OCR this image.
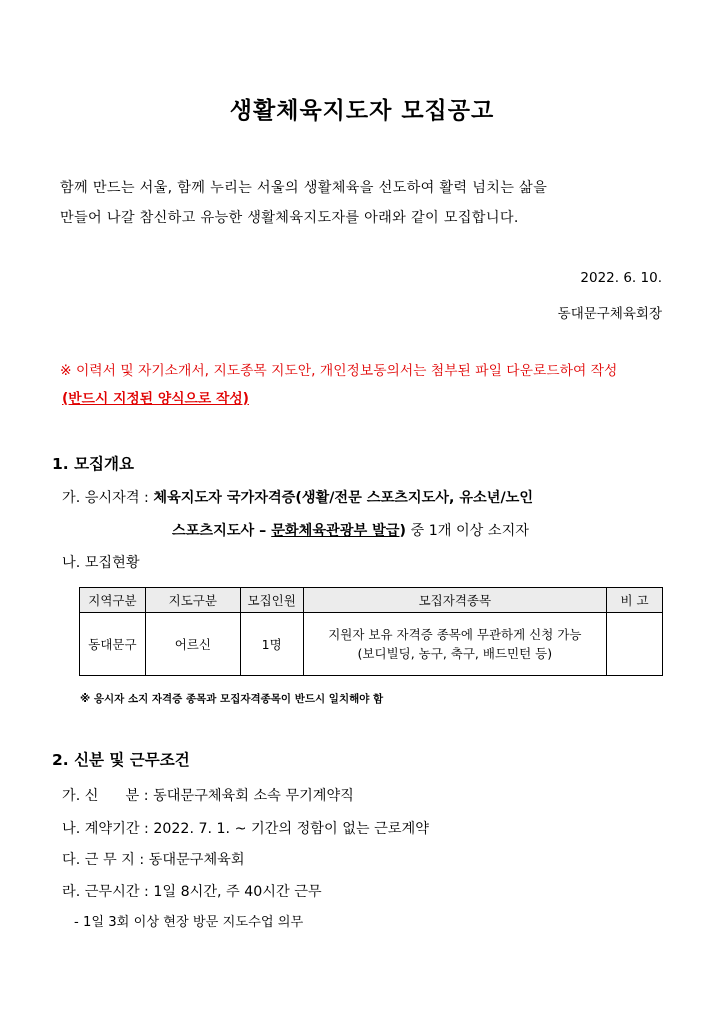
생활체육지도자 모집공고
함께 만드는 서울, 함께 누리는 서울의 생활체육을 선도하여 활력 넘치는 삶을
만들어 나갈 참신하고 유능한 생활체육지도자를 아래와 같이 모집합니다.
2022. 6. 10.
동대문구체육회장
※ 이력서 및 자기소개서, 지도종목 지도안, 개인정보동의서는 첨부된 파일 다운로드하여 작성
(반드시 지정된 양식으로 작성)
1. 모집개요
가. 응시자격 : 체육지도자 국가자격증(생활/전문 스포츠지도사, 유소년/노인
스포츠지도사 – 문화체육관광부 발급) 중 1개 이상 소지자
나. 모집현황
지역구분	지도구분	모집인원	모집자격종목	비 고
동대문구	어르신	1명	지원자 보유 자격증 종목에 무관하게 신청 가능
(보디빌딩, 농구, 축구, 배드민턴 등)	

※ 응시자 소지 자격증 종목과 모집자격종목이 반드시 일치해야 함
2. 신분 및 근무조건
가. 신      분 : 동대문구체육회 소속 무기계약직
나. 계약기간 : 2022. 7. 1. ~ 기간의 정함이 없는 근로계약
다. 근 무 지 : 동대문구체육회
라. 근무시간 : 1일 8시간, 주 40시간 근무
- 1일 3회 이상 현장 방문 지도수업 의무
